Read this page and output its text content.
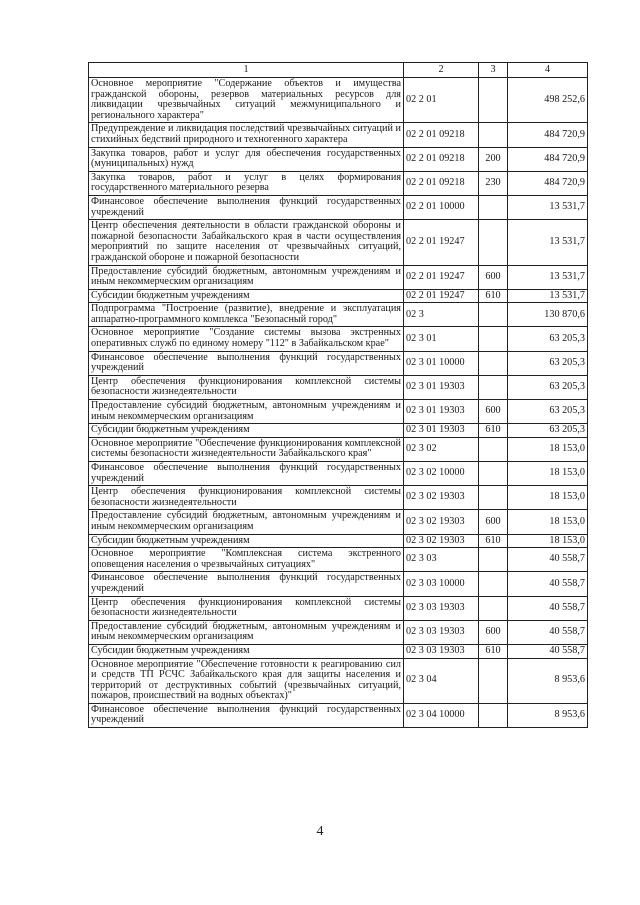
1	2	3	4
Основное мероприятие "Содержание объектов и имущества гражданской обороны, резервов материальных ресурсов для ликвидации чрезвычайных ситуаций межмуниципального и регионального характера"	02 2 01		498 252,6
Предупреждение и ликвидация последствий чрезвычайных ситуаций и стихийных бедствий природного и техногенного характера	02 2 01 09218		484 720,9
Закупка товаров, работ и услуг для обеспечения государственных (муниципальных) нужд	02 2 01 09218	200	484 720,9
Закупка товаров, работ и услуг в целях формирования государственного материального резерва	02 2 01 09218	230	484 720,9
Финансовое обеспечение выполнения функций государственных учреждений	02 2 01 10000		13 531,7
Центр обеспечения деятельности в области гражданской обороны и пожарной безопасности Забайкальского края в части осуществления мероприятий по защите населения от чрезвычайных ситуаций, гражданской обороне и пожарной безопасности	02 2 01 19247		13 531,7
Предоставление субсидий бюджетным, автономным учреждениям и иным некоммерческим организациям	02 2 01 19247	600	13 531,7
Субсидии бюджетным учреждениям	02 2 01 19247	610	13 531,7
Подпрограмма "Построение (развитие), внедрение и эксплуатация аппаратно-программного комплекса "Безопасный город"	02 3		130 870,6
Основное мероприятие "Создание системы вызова экстренных оперативных служб по единому номеру "112" в Забайкальском крае"	02 3 01		63 205,3
Финансовое обеспечение выполнения функций государственных учреждений	02 3 01 10000		63 205,3
Центр обеспечения функционирования комплексной системы безопасности жизнедеятельности	02 3 01 19303		63 205,3
Предоставление субсидий бюджетным, автономным учреждениям и иным некоммерческим организациям	02 3 01 19303	600	63 205,3
Субсидии бюджетным учреждениям	02 3 01 19303	610	63 205,3
Основное мероприятие "Обеспечение функционирования комплексной системы безопасности жизнедеятельности Забайкальского края"	02 3 02		18 153,0
Финансовое обеспечение выполнения функций государственных учреждений	02 3 02 10000		18 153,0
Центр обеспечения функционирования комплексной системы безопасности жизнедеятельности	02 3 02 19303		18 153,0
Предоставление субсидий бюджетным, автономным учреждениям и иным некоммерческим организациям	02 3 02 19303	600	18 153,0
Субсидии бюджетным учреждениям	02 3 02 19303	610	18 153,0
Основное мероприятие "Комплексная система экстренного оповещения населения о чрезвычайных ситуациях"	02 3 03		40 558,7
Финансовое обеспечение выполнения функций государственных учреждений	02 3 03 10000		40 558,7
Центр обеспечения функционирования комплексной системы безопасности жизнедеятельности	02 3 03 19303		40 558,7
Предоставление субсидий бюджетным, автономным учреждениям и иным некоммерческим организациям	02 3 03 19303	600	40 558,7
Субсидии бюджетным учреждениям	02 3 03 19303	610	40 558,7
Основное мероприятие "Обеспечение готовности к реагированию сил и средств ТП РСЧС Забайкальского края для защиты населения и территорий от деструктивных событий (чрезвычайных ситуаций, пожаров, происшествий на водных объектах)"	02 3 04		8 953,6
Финансовое обеспечение выполнения функций государственных учреждений	02 3 04 10000		8 953,6
4
